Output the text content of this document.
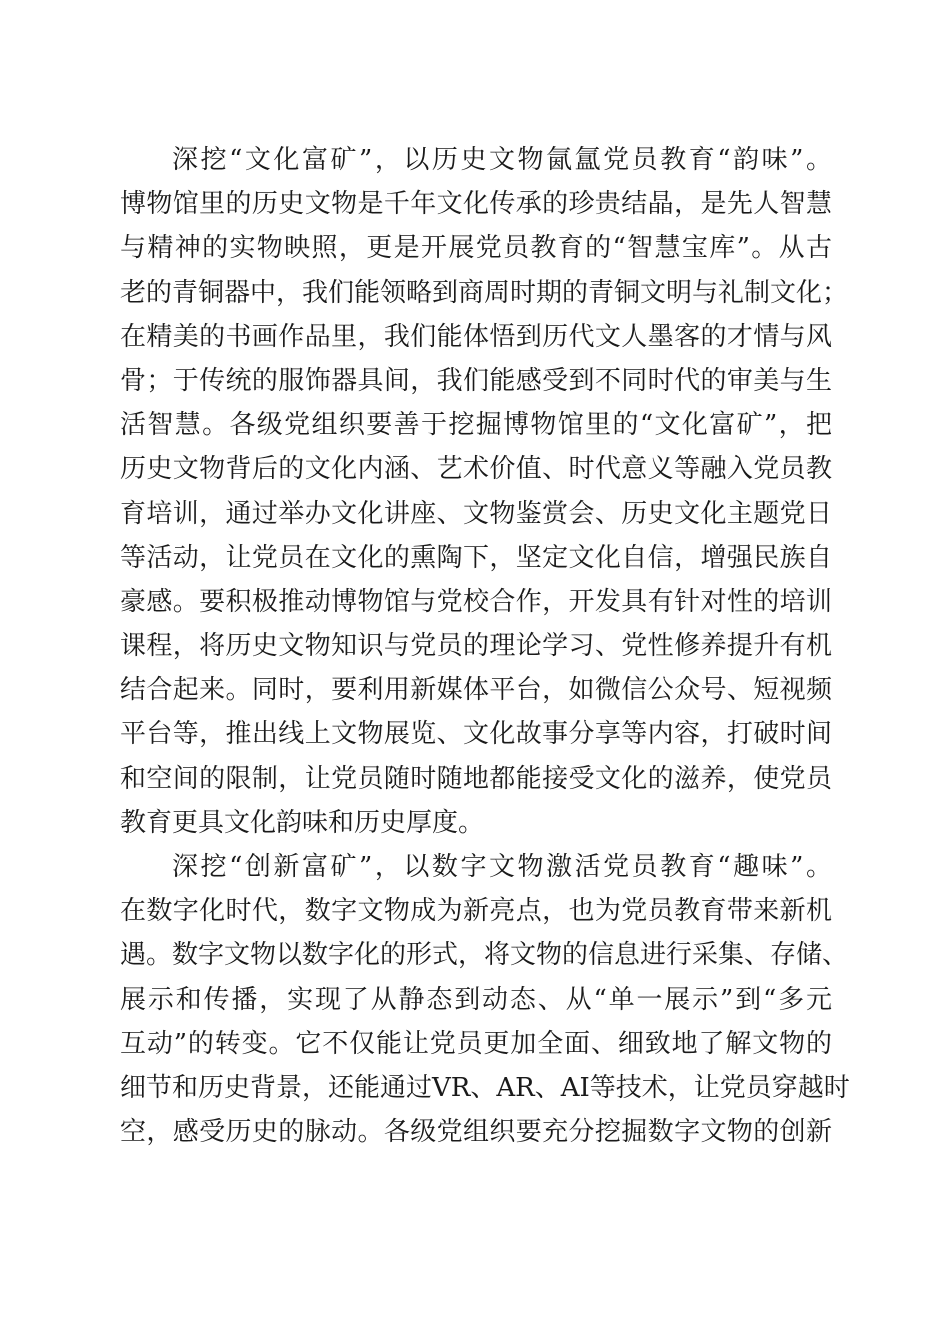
深挖“文化富矿”，以历史文物氤氲党员教育“韵味”。
博物馆里的历史文物是千年文化传承的珍贵结晶，是先人智慧
与精神的实物映照，更是开展党员教育的“智慧宝库”。从古
老的青铜器中，我们能领略到商周时期的青铜文明与礼制文化；
在精美的书画作品里，我们能体悟到历代文人墨客的才情与风
骨；于传统的服饰器具间，我们能感受到不同时代的审美与生
活智慧。各级党组织要善于挖掘博物馆里的“文化富矿”，把
历史文物背后的文化内涵、艺术价值、时代意义等融入党员教
育培训，通过举办文化讲座、文物鉴赏会、历史文化主题党日
等活动，让党员在文化的熏陶下，坚定文化自信，增强民族自
豪感。要积极推动博物馆与党校合作，开发具有针对性的培训
课程，将历史文物知识与党员的理论学习、党性修养提升有机
结合起来。同时，要利用新媒体平台，如微信公众号、短视频
平台等，推出线上文物展览、文化故事分享等内容，打破时间
和空间的限制，让党员随时随地都能接受文化的滋养，使党员
教育更具文化韵味和历史厚度。
深挖“创新富矿”，以数字文物激活党员教育“趣味”。
在数字化时代，数字文物成为新亮点，也为党员教育带来新机
遇。数字文物以数字化的形式，将文物的信息进行采集、存储、
展示和传播，实现了从静态到动态、从“单一展示”到“多元
互动”的转变。它不仅能让党员更加全面、细致地了解文物的
细节和历史背景，还能通过VR、AR、AI等技术，让党员穿越时
空，感受历史的脉动。各级党组织要充分挖掘数字文物的创新
